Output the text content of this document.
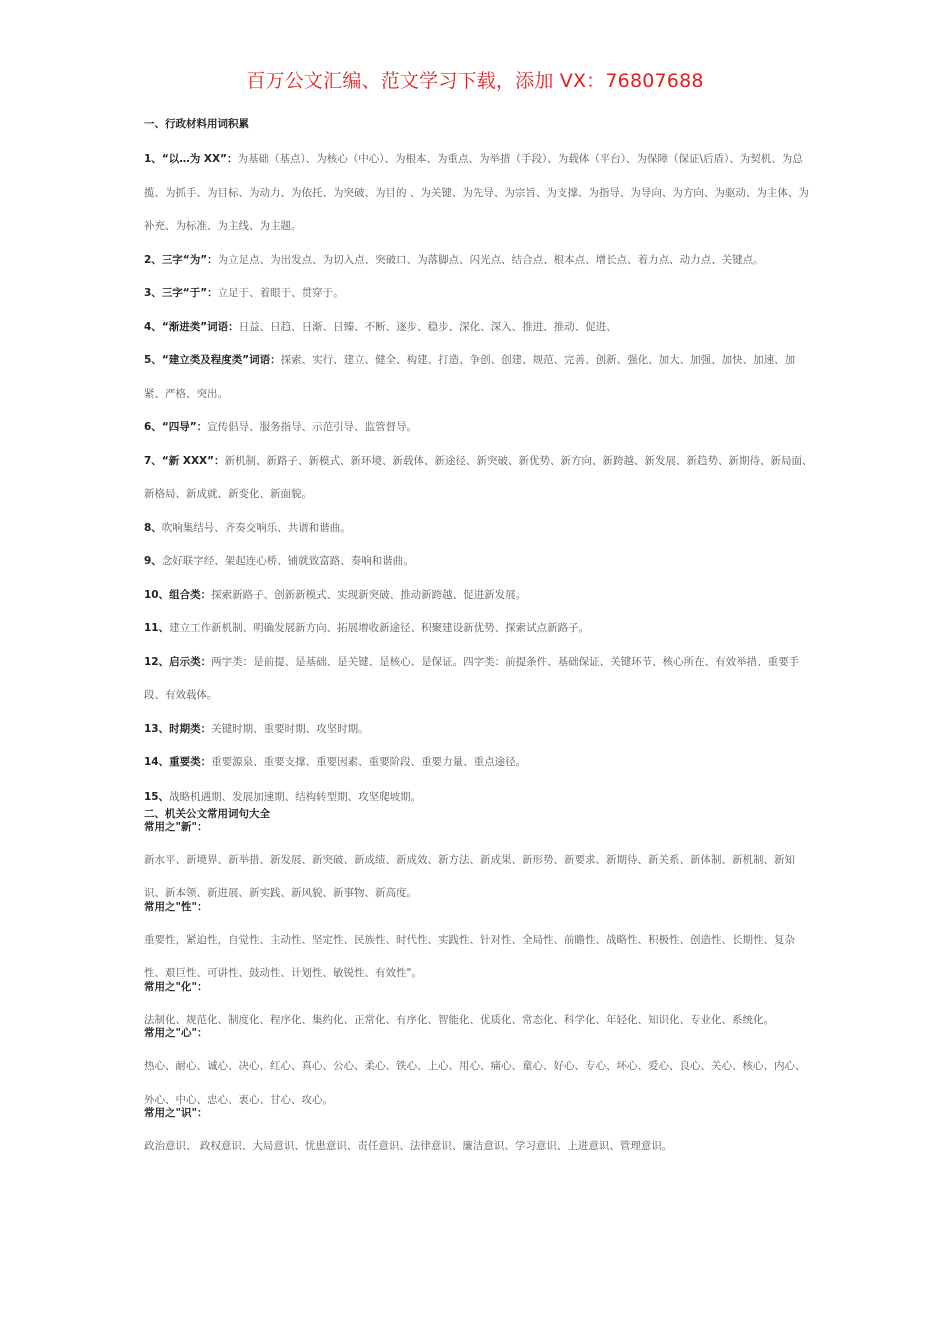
百万公文汇编、范文学习下载，添加 VX：76807688

一、行政材料用词积累

1、“以…为 XX”：为基础（基点）、为核心（中心）、为根本、为重点、为举措（手段）、为载体（平台）、为保障（保证\后盾）、为契机、为总揽、为抓手、为目标、为动力、为依托、为突破、为目的 、为关键、为先导、为宗旨、为支撑、为指导、为导向、为方向、为驱动、为主体、为补充、为标准、为主线、为主题。

2、三字“为”：为立足点、为出发点、为切入点、突破口、为落脚点、闪光点、结合点、根本点、增长点、着力点、动力点、关键点。

3、三字“于”：立足于、着眼于、贯穿于。

4、“渐进类”词语：日益、日趋、日渐、日臻、不断、逐步、稳步、深化、深入、推进、推动、促进、

5、“建立类及程度类”词语：探索、实行、建立、健全、构建、打造、争创、创建、规范、完善、创新、强化、加大、加强、加快、加速、加紧、严格、突出。

6、“四导”：宣传倡导、服务指导、示范引导、监管督导。

7、“新 XXX”：新机制、新路子、新模式、新环境、新载体、新途径、新突破、新优势、新方向、新跨越、新发展、新趋势、新期待、新局面、新格局、新成就、新变化、新面貌。

8、吹响集结号、齐奏交响乐、共谱和谐曲。

9、念好联字经、架起连心桥、铺就致富路、奏响和谐曲。

10、组合类：探索新路子、创新新模式、实现新突破、推动新跨越、促进新发展。

11、建立工作新机制、明确发展新方向、拓展增收新途径、积聚建设新优势、探索试点新路子。

12、启示类：两字类：是前提、是基础、是关键、是核心、是保证。四字类：前提条件、基础保证、关键环节、核心所在、有效举措、重要手段、有效载体。

13、时期类：关键时期、重要时期、攻坚时期。

14、重要类：重要源泉、重要支撑、重要因素、重要阶段、重要力量、重点途径。

15、战略机遇期、发展加速期、结构转型期、攻坚爬坡期。

二、机关公文常用词句大全

常用之"新"：

新水平、新境界、新举措、新发展、新突破、新成绩、新成效、新方法、新成果、新形势、新要求、新期待、新关系、新体制、新机制、新知识、新本领、新进展、新实践、新风貌、新事物、新高度。

常用之"性"：

重要性，紧迫性，自觉性、主动性、坚定性、民族性、时代性、实践性、针对性、全局性、前瞻性、战略性、积极性、创造性、长期性、复杂性、艰巨性、可讲性、鼓动性、计划性、敏锐性、有效性"。

常用之"化"：

法制化、规范化、制度化、程序化、集约化、正常化、有序化、智能化、优质化、常态化、科学化、年轻化、知识化、专业化、系统化。

常用之"心"：

热心、耐心、诚心、决心、红心、真心、公心、柔心、铁心、上心、用心、痛心、童心、好心、专心、坏心、爱心、良心、关心、核心、内心、外心、中心、忠心、衷心、甘心、攻心。

常用之"识"：

政治意识、 政权意识、大局意识、忧患意识、责任意识、法律意识、廉洁意识、学习意识、上进意识、管理意识。
